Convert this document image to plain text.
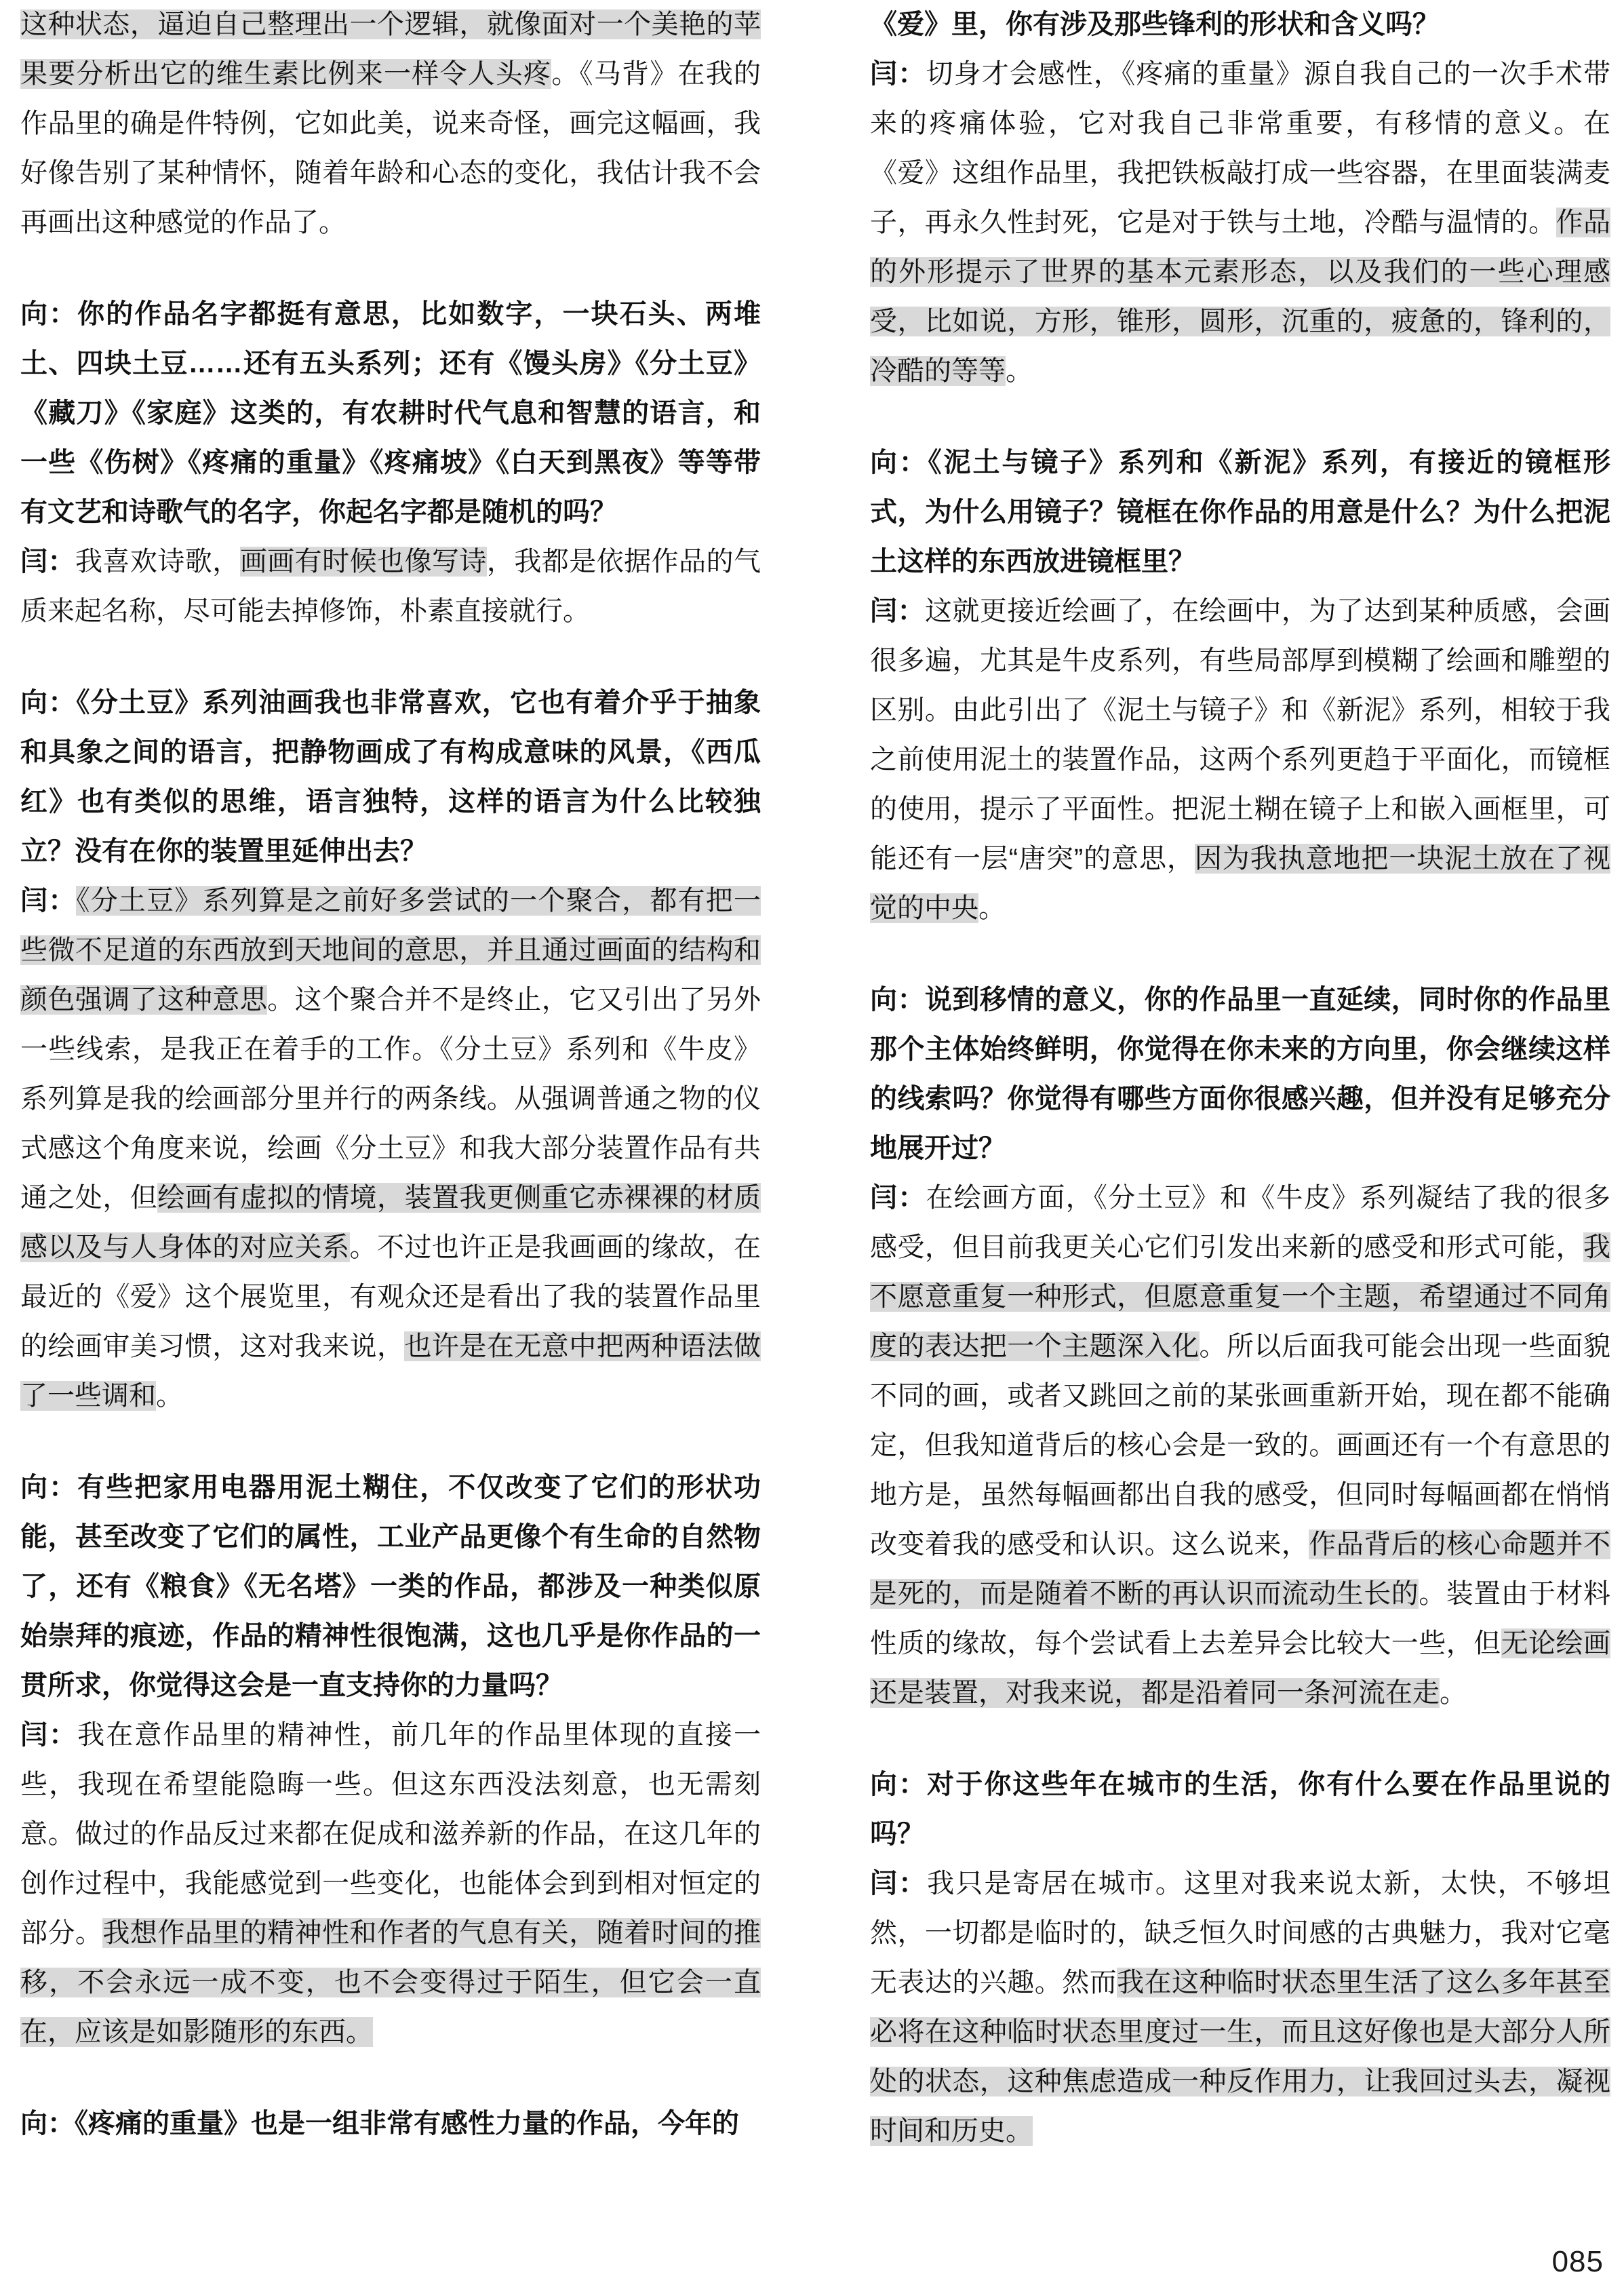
这种状态，逼迫自己整理出一个逻辑，就像面对一个美艳的苹果要分析出它的维生素比例来一样令人头疼。《马背》在我的作品里的确是件特例，它如此美，说来奇怪，画完这幅画，我好像告别了某种情怀，随着年龄和心态的变化，我估计我不会再画出这种感觉的作品了。

向：你的作品名字都挺有意思，比如数字，一块石头、两堆土、四块土豆……还有五头系列；还有《馒头房》《分土豆》《藏刀》《家庭》这类的，有农耕时代气息和智慧的语言，和一些《伤树》《疼痛的重量》《疼痛坡》《白天到黑夜》等等带有文艺和诗歌气的名字，你起名字都是随机的吗？

闫：我喜欢诗歌，画画有时候也像写诗，我都是依据作品的气质来起名称，尽可能去掉修饰，朴素直接就行。

向：《分土豆》系列油画我也非常喜欢，它也有着介乎于抽象和具象之间的语言，把静物画成了有构成意味的风景，《西瓜红》也有类似的思维，语言独特，这样的语言为什么比较独立？没有在你的装置里延伸出去？

闫：《分土豆》系列算是之前好多尝试的一个聚合，都有把一些微不足道的东西放到天地间的意思，并且通过画面的结构和颜色强调了这种意思。这个聚合并不是终止，它又引出了另外一些线索，是我正在着手的工作。《分土豆》系列和《牛皮》系列算是我的绘画部分里并行的两条线。从强调普通之物的仪式感这个角度来说，绘画《分土豆》和我大部分装置作品有共通之处，但绘画有虚拟的情境，装置我更侧重它赤裸裸的材质感以及与人身体的对应关系。不过也许正是我画画的缘故，在最近的《爱》这个展览里，有观众还是看出了我的装置作品里的绘画审美习惯，这对我来说，也许是在无意中把两种语法做了一些调和。

向：有些把家用电器用泥土糊住，不仅改变了它们的形状功能，甚至改变了它们的属性，工业产品更像个有生命的自然物了，还有《粮食》《无名塔》一类的作品，都涉及一种类似原始崇拜的痕迹，作品的精神性很饱满，这也几乎是你作品的一贯所求，你觉得这会是一直支持你的力量吗？

闫：我在意作品里的精神性，前几年的作品里体现的直接一些，我现在希望能隐晦一些。但这东西没法刻意，也无需刻意。做过的作品反过来都在促成和滋养新的作品，在这几年的创作过程中，我能感觉到一些变化，也能体会到到相对恒定的部分。我想作品里的精神性和作者的气息有关，随着时间的推移，不会永远一成不变，也不会变得过于陌生，但它会一直在，应该是如影随形的东西。

向：《疼痛的重量》也是一组非常有感性力量的作品，今年的

《爱》里，你有涉及那些锋利的形状和含义吗？

闫：切身才会感性，《疼痛的重量》源自我自己的一次手术带来的疼痛体验，它对我自己非常重要，有移情的意义。在《爱》这组作品里，我把铁板敲打成一些容器，在里面装满麦子，再永久性封死，它是对于铁与土地，冷酷与温情的。作品的外形提示了世界的基本元素形态，以及我们的一些心理感受，比如说，方形，锥形，圆形，沉重的，疲惫的，锋利的，冷酷的等等。

向：《泥土与镜子》系列和《新泥》系列，有接近的镜框形式，为什么用镜子？镜框在你作品的用意是什么？为什么把泥土这样的东西放进镜框里？

闫：这就更接近绘画了，在绘画中，为了达到某种质感，会画很多遍，尤其是牛皮系列，有些局部厚到模糊了绘画和雕塑的区别。由此引出了《泥土与镜子》和《新泥》系列，相较于我之前使用泥土的装置作品，这两个系列更趋于平面化，而镜框的使用，提示了平面性。把泥土糊在镜子上和嵌入画框里，可能还有一层“唐突”的意思，因为我执意地把一块泥土放在了视觉的中央。

向：说到移情的意义，你的作品里一直延续，同时你的作品里那个主体始终鲜明，你觉得在你未来的方向里，你会继续这样的线索吗？你觉得有哪些方面你很感兴趣，但并没有足够充分地展开过？

闫：在绘画方面，《分土豆》和《牛皮》系列凝结了我的很多感受，但目前我更关心它们引发出来新的感受和形式可能，我不愿意重复一种形式，但愿意重复一个主题，希望通过不同角度的表达把一个主题深入化。所以后面我可能会出现一些面貌不同的画，或者又跳回之前的某张画重新开始，现在都不能确定，但我知道背后的核心会是一致的。画画还有一个有意思的地方是，虽然每幅画都出自我的感受，但同时每幅画都在悄悄改变着我的感受和认识。这么说来，作品背后的核心命题并不是死的，而是随着不断的再认识而流动生长的。装置由于材料性质的缘故，每个尝试看上去差异会比较大一些，但无论绘画还是装置，对我来说，都是沿着同一条河流在走。

向：对于你这些年在城市的生活，你有什么要在作品里说的吗？

闫：我只是寄居在城市。这里对我来说太新，太快，不够坦然，一切都是临时的，缺乏恒久时间感的古典魅力，我对它毫无表达的兴趣。然而我在这种临时状态里生活了这么多年甚至必将在这种临时状态里度过一生，而且这好像也是大部分人所处的状态，这种焦虑造成一种反作用力，让我回过头去，凝视时间和历史。

085
